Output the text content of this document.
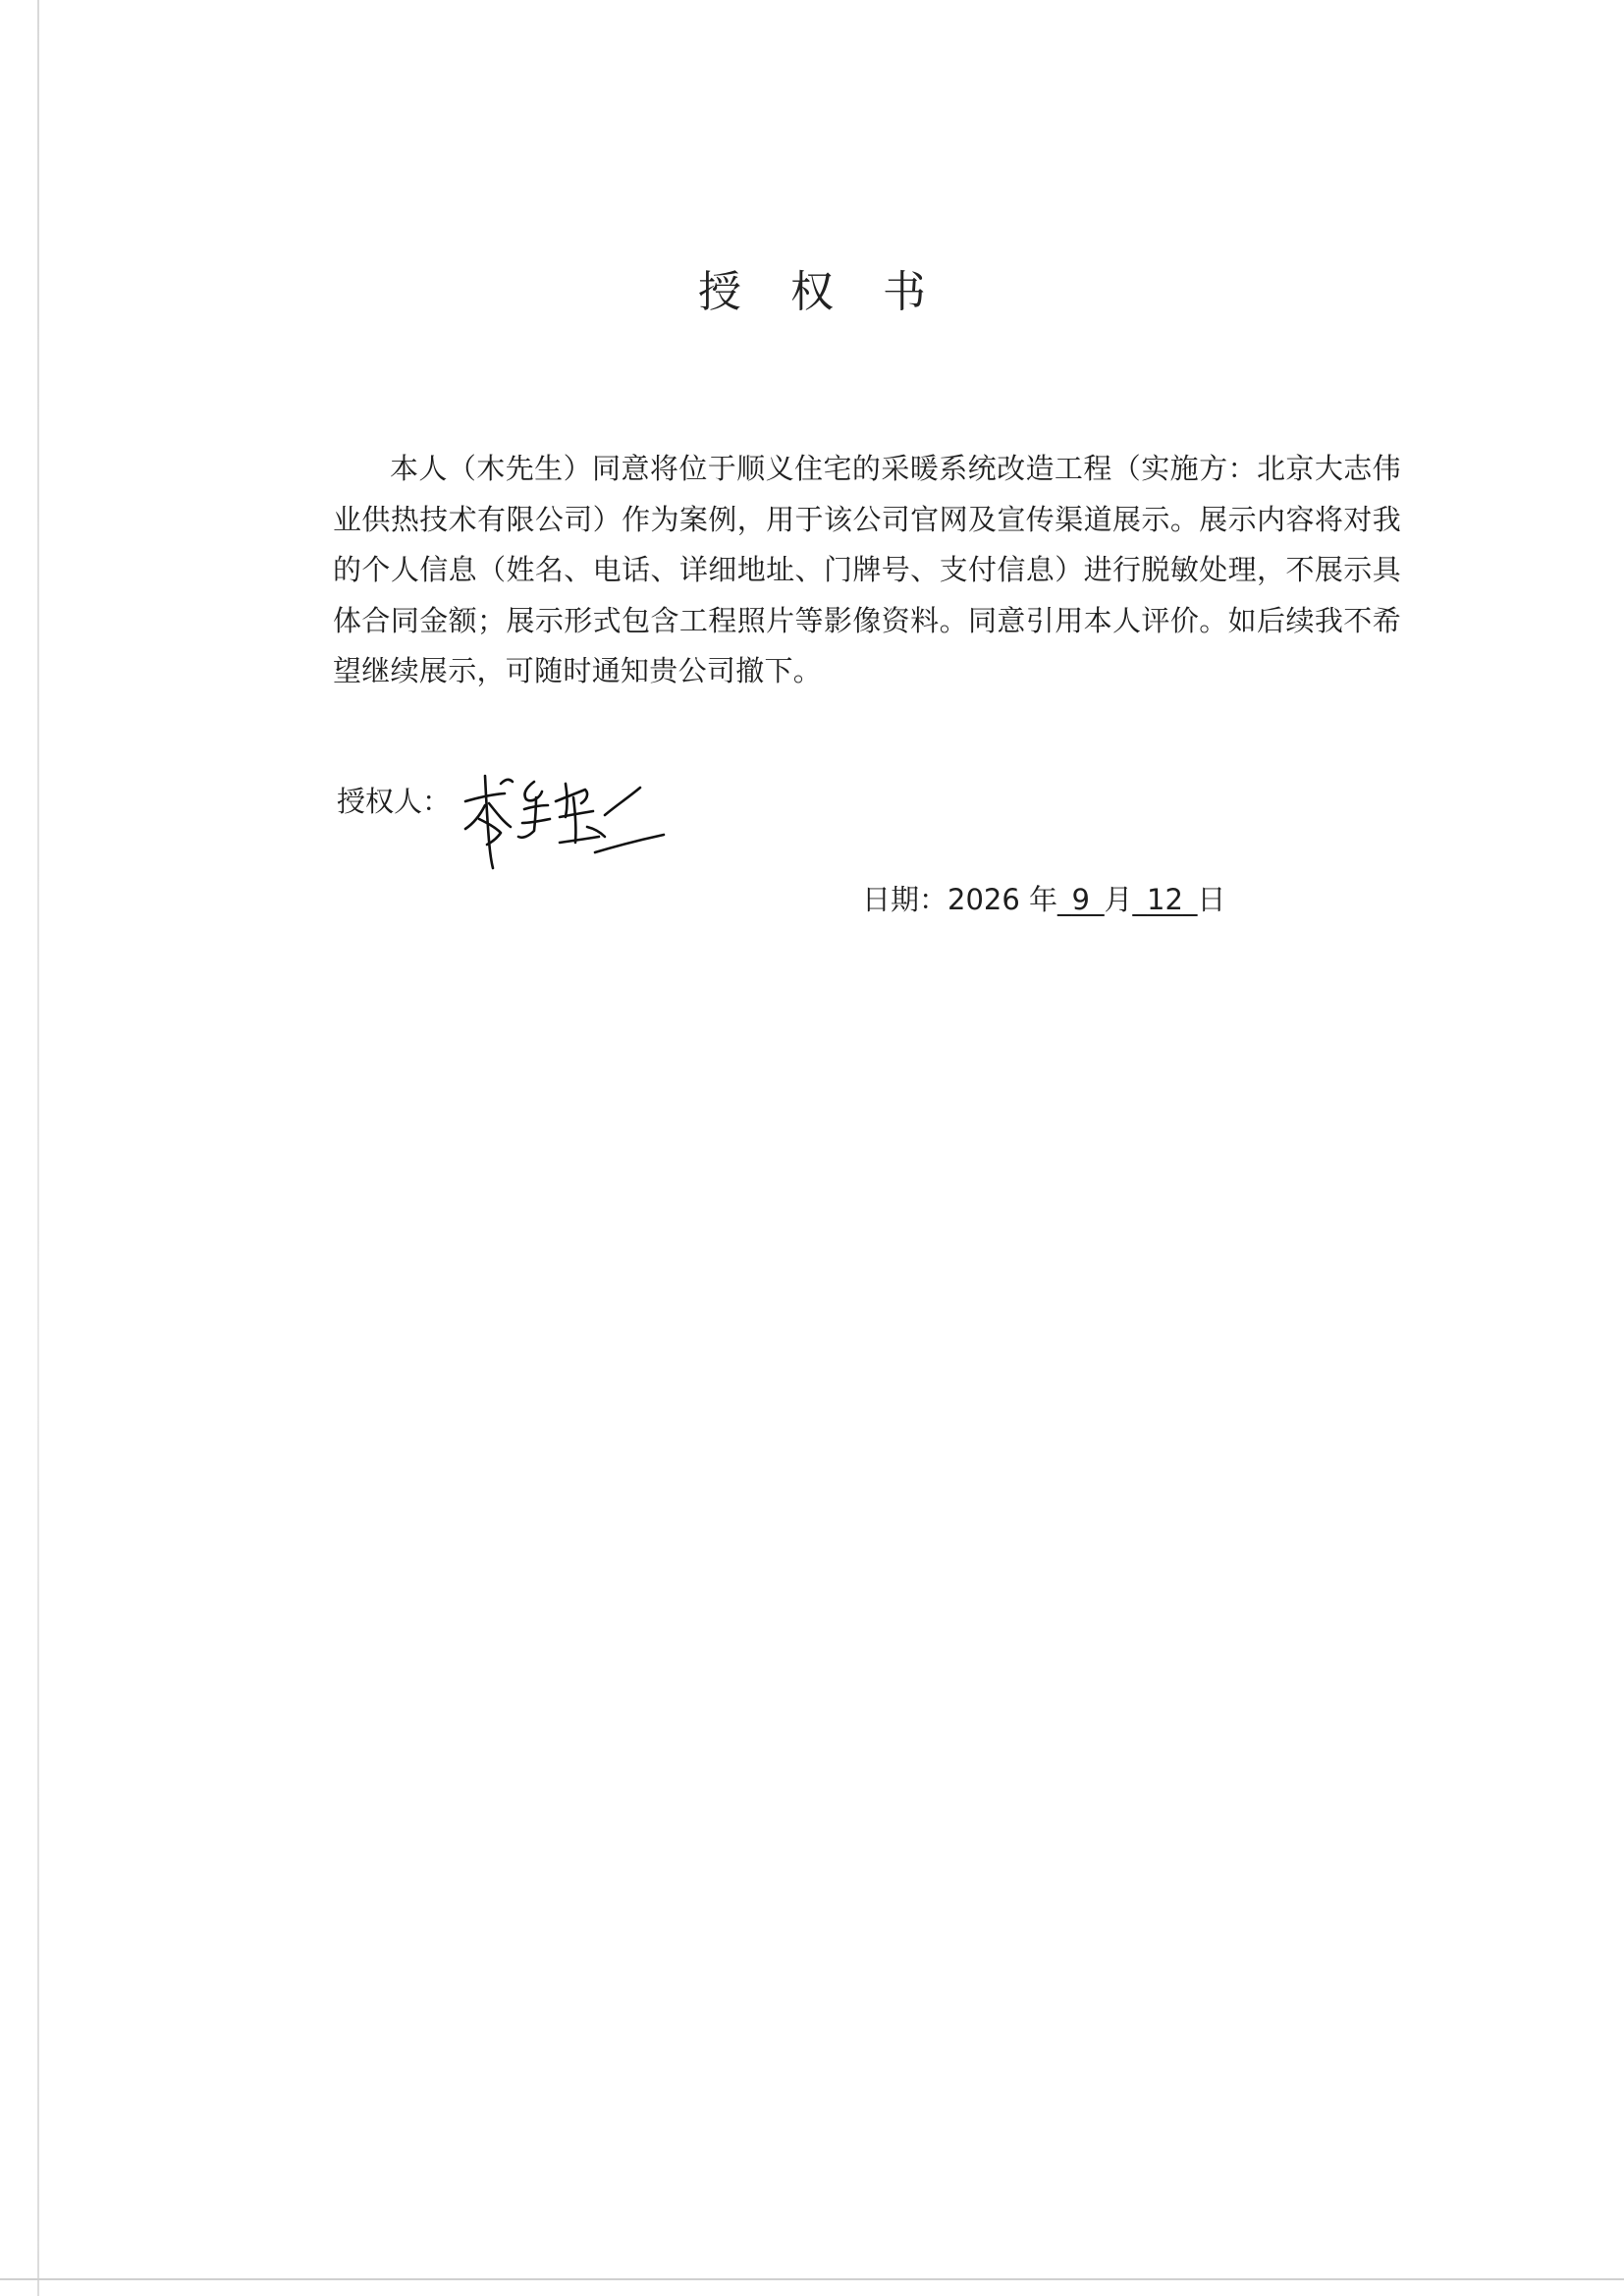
授 权 书
本人（木先生）同意将位于顺义住宅的采暖系统改造工程（实施方：北京大志伟业供热技术有限公司）作为案例，用于该公司官网及宣传渠道展示。展示内容将对我的个人信息（姓名、电话、详细地址、门牌号、支付信息）进行脱敏处理，不展示具体合同金额；展示形式包含工程照片等影像资料。同意引用本人评价。如后续我不希望继续展示，可随时通知贵公司撤下。
授权人：
日期：2026 年_9_月_12_日
